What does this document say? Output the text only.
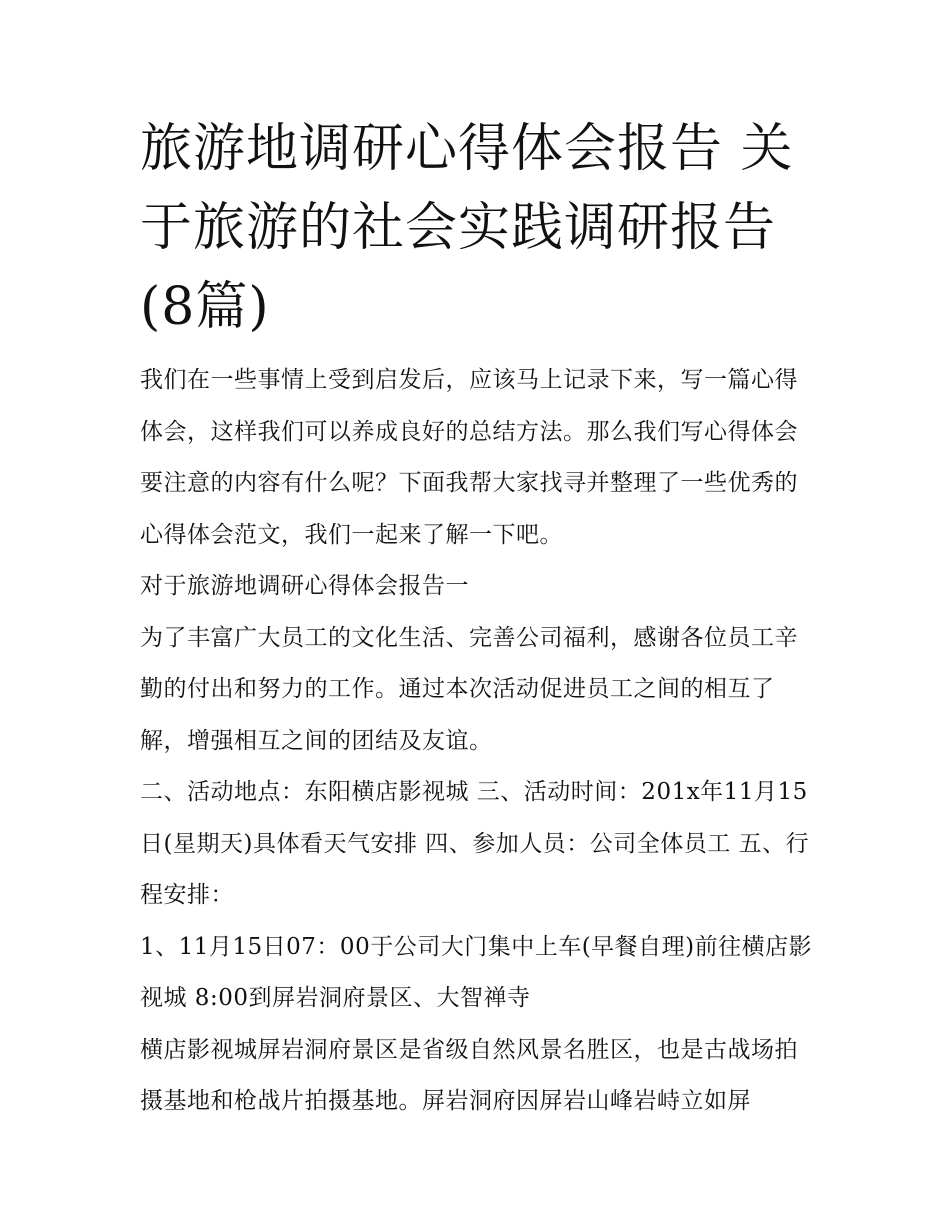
旅游地调研心得体会报告 关于旅游的社会实践调研报告(8篇)

我们在一些事情上受到启发后，应该马上记录下来，写一篇心得体会，这样我们可以养成良好的总结方法。那么我们写心得体会要注意的内容有什么呢？下面我帮大家找寻并整理了一些优秀的心得体会范文，我们一起来了解一下吧。

对于旅游地调研心得体会报告一

为了丰富广大员工的文化生活、完善公司福利，感谢各位员工辛勤的付出和努力的工作。通过本次活动促进员工之间的相互了解，增强相互之间的团结及友谊。

二、活动地点：东阳横店影视城 三、活动时间：201x年11月15日(星期天)具体看天气安排 四、参加人员：公司全体员工 五、行程安排：

1、11月15日07：00于公司大门集中上车(早餐自理)前往横店影视城 8:00到屏岩洞府景区、大智禅寺

横店影视城屏岩洞府景区是省级自然风景名胜区，也是古战场拍摄基地和枪战片拍摄基地。屏岩洞府因屏岩山峰岩峙立如屏
